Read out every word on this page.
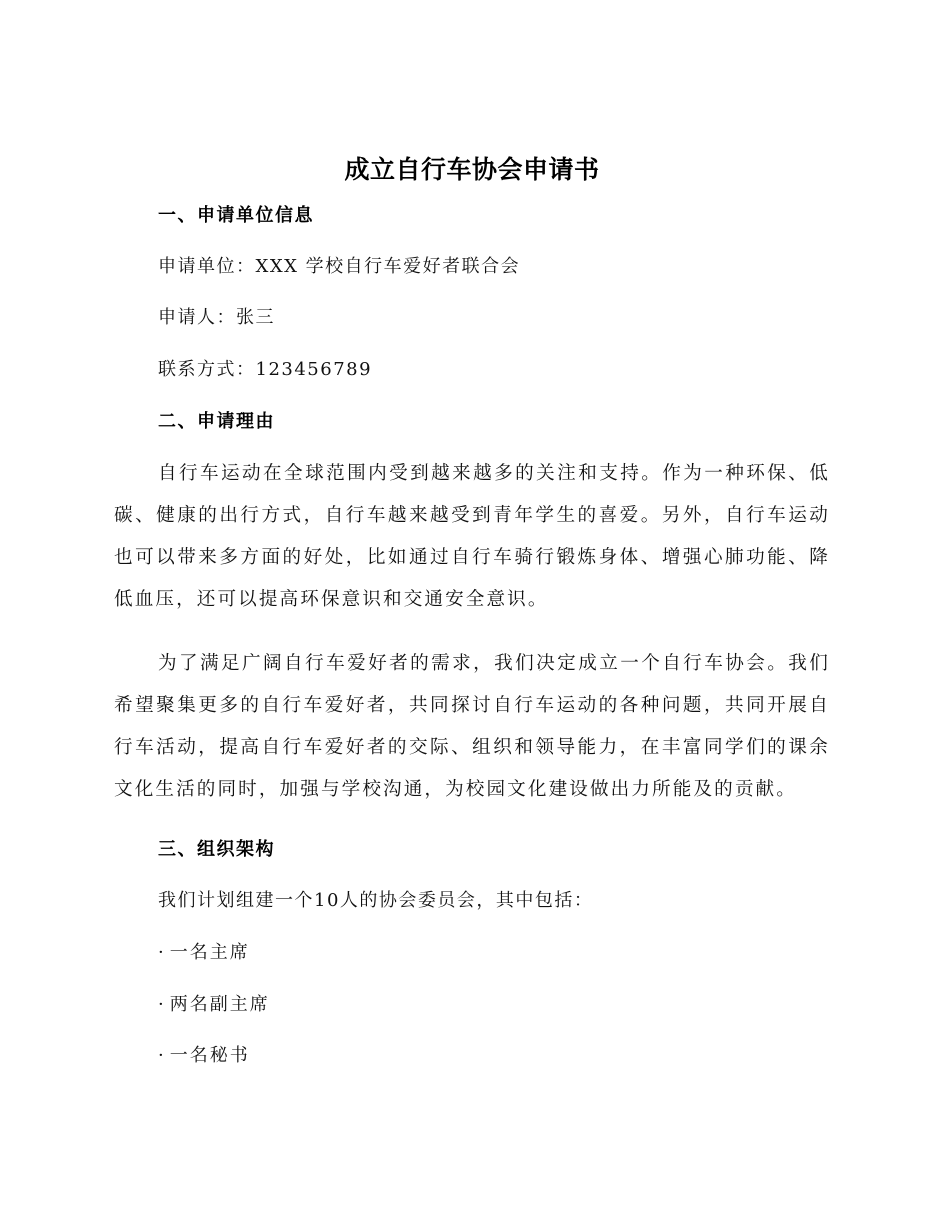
成立自行车协会申请书
一、申请单位信息

申请单位：XXX 学校自行车爱好者联合会

申请人：张三

联系方式：123456789

二、申请理由

自行车运动在全球范围内受到越来越多的关注和支持。作为一种环保、低碳、健康的出行方式，自行车越来越受到青年学生的喜爱。另外，自行车运动也可以带来多方面的好处，比如通过自行车骑行锻炼身体、增强心肺功能、降低血压，还可以提高环保意识和交通安全意识。

为了满足广阔自行车爱好者的需求，我们决定成立一个自行车协会。我们希望聚集更多的自行车爱好者，共同探讨自行车运动的各种问题，共同开展自行车活动，提高自行车爱好者的交际、组织和领导能力，在丰富同学们的课余文化生活的同时，加强与学校沟通，为校园文化建设做出力所能及的贡献。

三、组织架构

我们计划组建一个10人的协会委员会，其中包括：

· 一名主席
· 两名副主席
· 一名秘书
